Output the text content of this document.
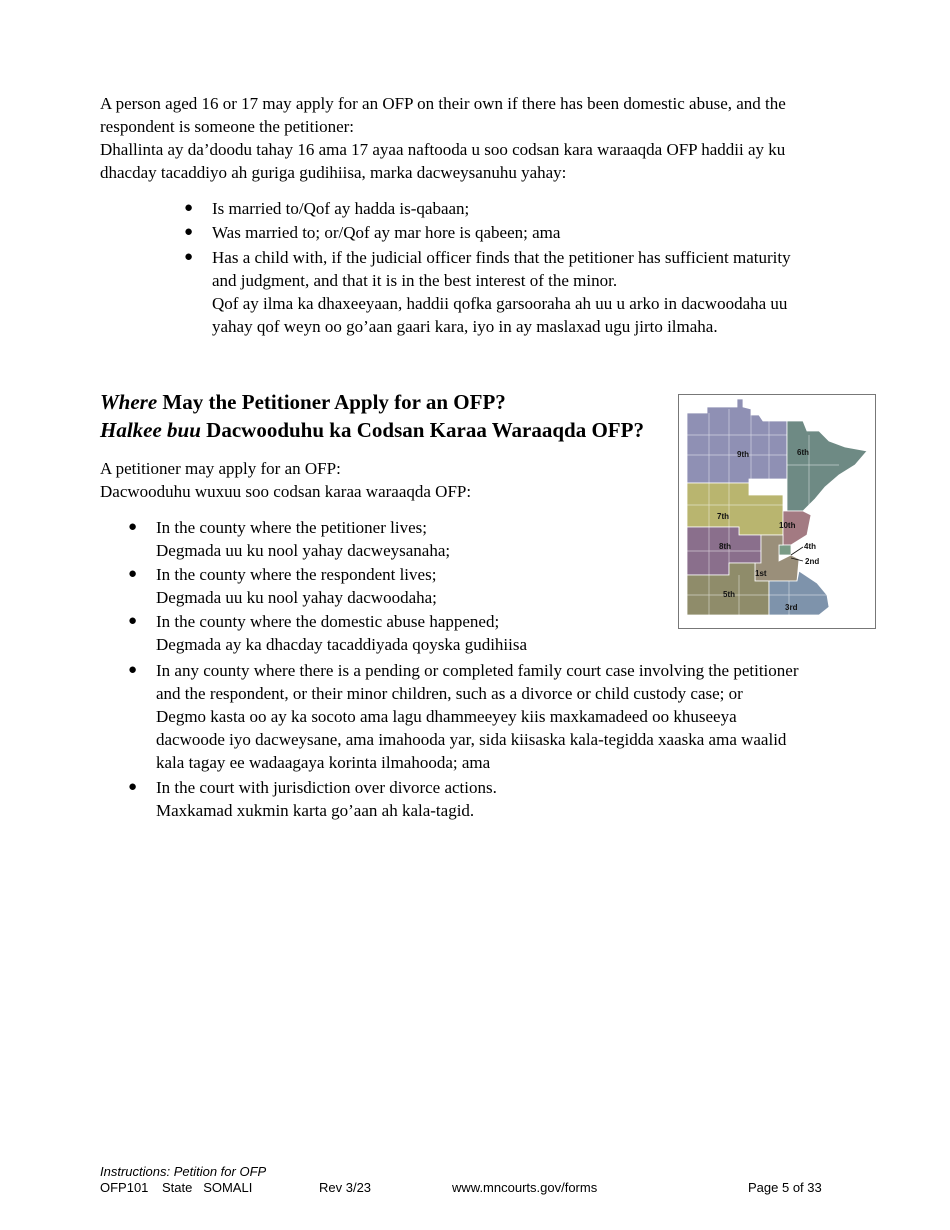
A person aged 16 or 17 may apply for an OFP on their own if there has been domestic abuse, and the

respondent is someone the petitioner:

Dhallinta ay da’doodu tahay 16 ama 17 ayaa naftooda u soo codsan kara waraaqda OFP haddii ay ku

dhacday tacaddiyo ah guriga gudihiisa, marka dacweysanuhu yahay:

● Is married to/Qof ay hadda is-qabaan;

● Was married to; or/Qof ay mar hore is qabeen; ama

● Has a child with, if the judicial officer finds that the petitioner has sufficient maturity

and judgment, and that it is in the best interest of the minor.

Qof ay ilma ka dhaxeeyaan, haddii qofka garsooraha ah uu u arko in dacwoodaha uu

yahay qof weyn oo go’aan gaari kara, iyo in ay maslaxad ugu jirto ilmaha.

Where May the Petitioner Apply for an OFP?
Halkee buu Dacwooduhu ka Codsan Karaa Waraaqda OFP?

A petitioner may apply for an OFP:

Dacwooduhu wuxuu soo codsan karaa waraaqda OFP:

● In the county where the petitioner lives;

Degmada uu ku nool yahay dacweysanaha;

● In the county where the respondent lives;

Degmada uu ku nool yahay dacwoodaha;

● In the county where the domestic abuse happened;

Degmada ay ka dhacday tacaddiyada qoyska gudihiisa

● In any county where there is a pending or completed family court case involving the petitioner

and the respondent, or their minor children, such as a divorce or child custody case; or

Degmo kasta oo ay ka socoto ama lagu dhammeeyey kiis maxkamadeed oo khuseeya

dacwoode iyo dacweysane, ama imahooda yar, sida kiisaska kala-tegidda xaaska ama waalid

kala tagay ee wadaagaya korinta ilmahooda; ama

● In the court with jurisdiction over divorce actions.

Maxkamad xukmin karta go’aan ah kala-tagid.

9th	6th
7th
10th
8th	4th
2nd
1st
5th
3rd
Instructions: Petition for OFP
OFP101 State   SOMALI	Rev 3/23	www.mncourts.gov/forms	Page 5 of 33
